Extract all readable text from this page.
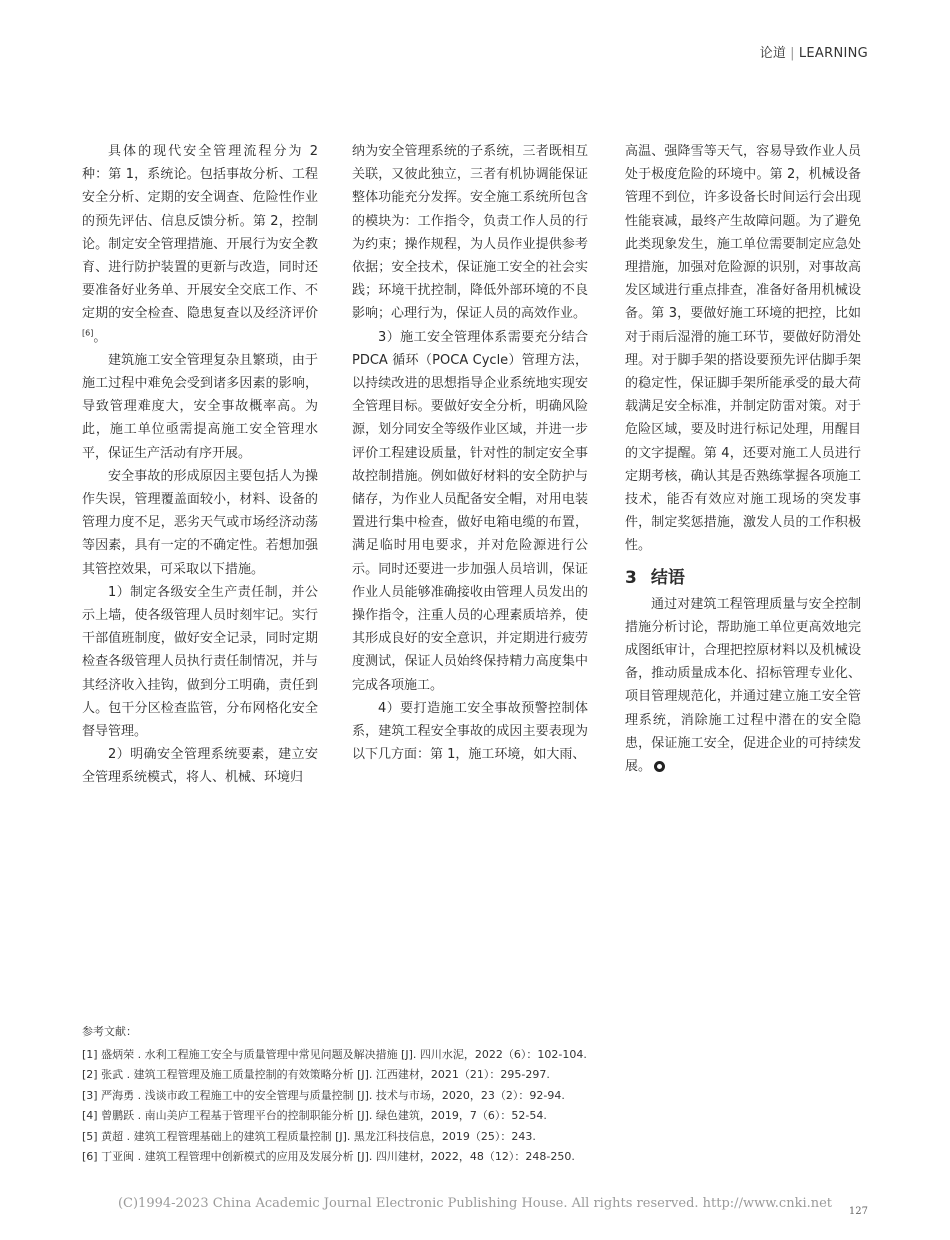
论道 | LEARNING

具体的现代安全管理流程分为 2 种：第 1，系统论。包括事故分析、工程安全分析、定期的安全调查、危险性作业的预先评估、信息反馈分析。第 2，控制论。制定安全管理措施、开展行为安全教育、进行防护装置的更新与改造，同时还要准备好业务单、开展安全交底工作、不定期的安全检查、隐患复查以及经济评价[6]。

建筑施工安全管理复杂且繁琐，由于施工过程中难免会受到诸多因素的影响，导致管理难度大，安全事故概率高。为此，施工单位亟需提高施工安全管理水平，保证生产活动有序开展。

安全事故的形成原因主要包括人为操作失误，管理覆盖面较小，材料、设备的管理力度不足，恶劣天气或市场经济动荡等因素，具有一定的不确定性。若想加强其管控效果，可采取以下措施。

1）制定各级安全生产责任制，并公示上墙，使各级管理人员时刻牢记。实行干部值班制度，做好安全记录，同时定期检查各级管理人员执行责任制情况，并与其经济收入挂钩，做到分工明确，责任到人。包干分区检查监管，分布网格化安全督导管理。

2）明确安全管理系统要素，建立安全管理系统模式，将人、机械、环境归

纳为安全管理系统的子系统，三者既相互关联，又彼此独立，三者有机协调能保证整体功能充分发挥。安全施工系统所包含的模块为：工作指令，负责工作人员的行为约束；操作规程，为人员作业提供参考依据；安全技术，保证施工安全的社会实践；环境干扰控制，降低外部环境的不良影响；心理行为，保证人员的高效作业。

3）施工安全管理体系需要充分结合 PDCA 循环（POCA Cycle）管理方法，以持续改进的思想指导企业系统地实现安全管理目标。要做好安全分析，明确风险源，划分同安全等级作业区域，并进一步评价工程建设质量，针对性的制定安全事故控制措施。例如做好材料的安全防护与储存，为作业人员配备安全帽，对用电装置进行集中检查，做好电箱电缆的布置，满足临时用电要求，并对危险源进行公示。同时还要进一步加强人员培训，保证作业人员能够准确接收由管理人员发出的操作指令，注重人员的心理素质培养，使其形成良好的安全意识，并定期进行疲劳度测试，保证人员始终保持精力高度集中完成各项施工。

4）要打造施工安全事故预警控制体系，建筑工程安全事故的成因主要表现为以下几方面：第 1，施工环境，如大雨、

高温、强降雪等天气，容易导致作业人员处于极度危险的环境中。第 2，机械设备管理不到位，许多设备长时间运行会出现性能衰减，最终产生故障问题。为了避免此类现象发生，施工单位需要制定应急处理措施，加强对危险源的识别，对事故高发区域进行重点排查，准备好备用机械设备。第 3，要做好施工环境的把控，比如对于雨后湿滑的施工环节，要做好防滑处理。对于脚手架的搭设要预先评估脚手架的稳定性，保证脚手架所能承受的最大荷载满足安全标准，并制定防雷对策。对于危险区域，要及时进行标记处理，用醒目的文字提醒。第 4，还要对施工人员进行定期考核，确认其是否熟练掌握各项施工技术，能否有效应对施工现场的突发事件，制定奖惩措施，激发人员的工作积极性。

3 结语

通过对建筑工程管理质量与安全控制措施分析讨论，帮助施工单位更高效地完成图纸审计，合理把控原材料以及机械设备，推动质量成本化、招标管理专业化、项目管理规范化，并通过建立施工安全管理系统，消除施工过程中潜在的安全隐患，保证施工安全，促进企业的可持续发展。

参考文献：
[1] 盛炳荣 . 水利工程施工安全与质量管理中常见问题及解决措施 [J]. 四川水泥，2022（6）：102-104.
[2] 张武 . 建筑工程管理及施工质量控制的有效策略分析 [J]. 江西建材，2021（21）：295-297.
[3] 严海勇 . 浅谈市政工程施工中的安全管理与质量控制 [J]. 技术与市场，2020，23（2）：92-94.
[4] 曾鹏跃 . 南山美庐工程基于管理平台的控制职能分析 [J]. 绿色建筑，2019，7（6）：52-54.
[5] 黄超 . 建筑工程管理基础上的建筑工程质量控制 [J]. 黑龙江科技信息，2019（25）：243.
[6] 丁亚闽 . 建筑工程管理中创新模式的应用及发展分析 [J]. 四川建材，2022，48（12）：248-250.
(C)1994-2023 China Academic Journal Electronic Publishing House. All rights reserved. http://www.cnki.net
127
